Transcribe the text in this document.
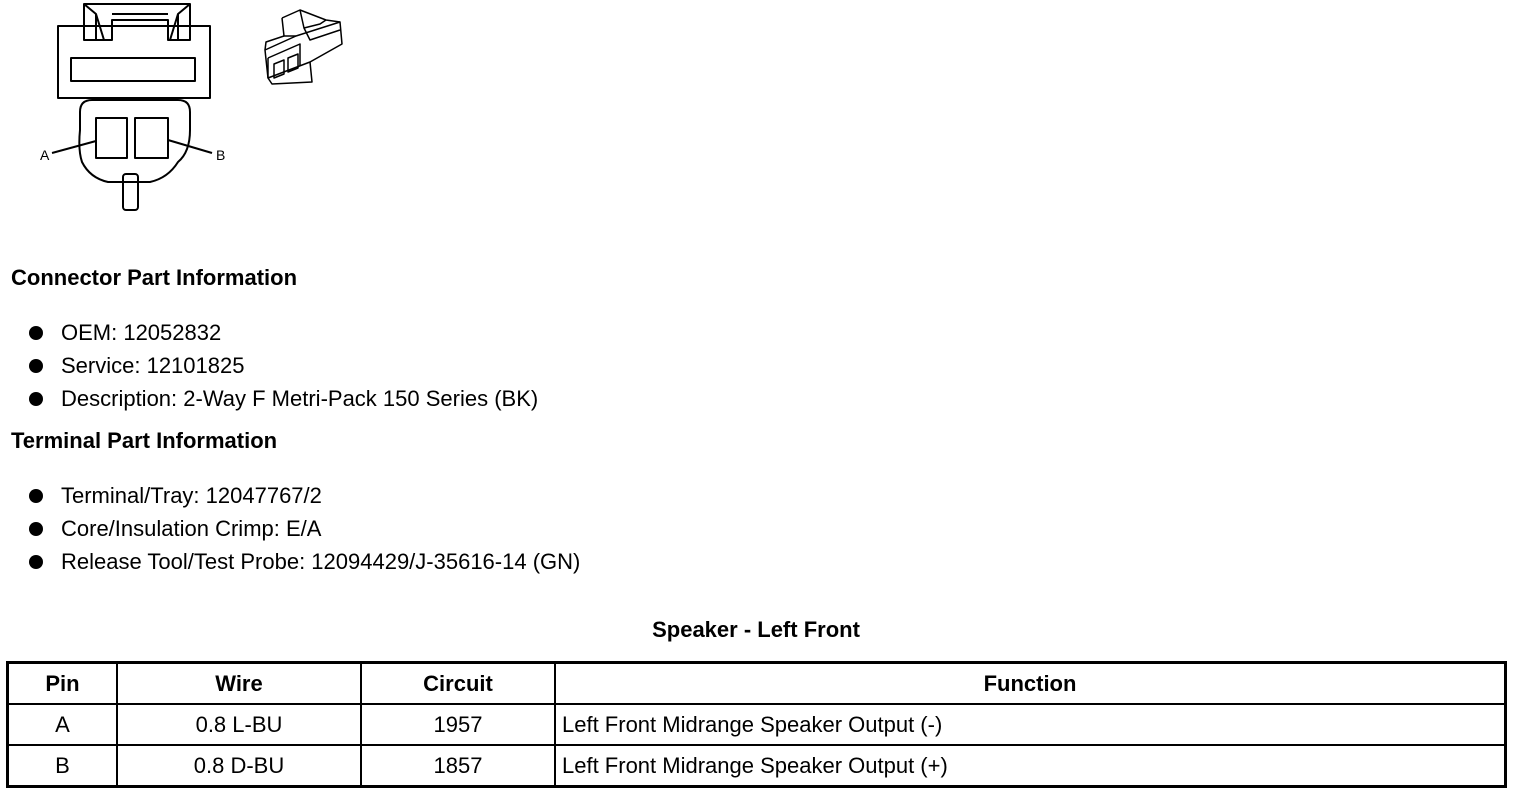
A	B
Connector Part Information
OEM: 12052832
Service: 12101825
Description: 2-Way F Metri-Pack 150 Series (BK)
Terminal Part Information
Terminal/Tray: 12047767/2
Core/Insulation Crimp: E/A
Release Tool/Test Probe: 12094429/J-35616-14 (GN)
Speaker - Left Front
Pin	Wire	Circuit	Function
A	0.8 L-BU	1957	Left Front Midrange Speaker Output (-)
B	0.8 D-BU	1857	Left Front Midrange Speaker Output (+)
